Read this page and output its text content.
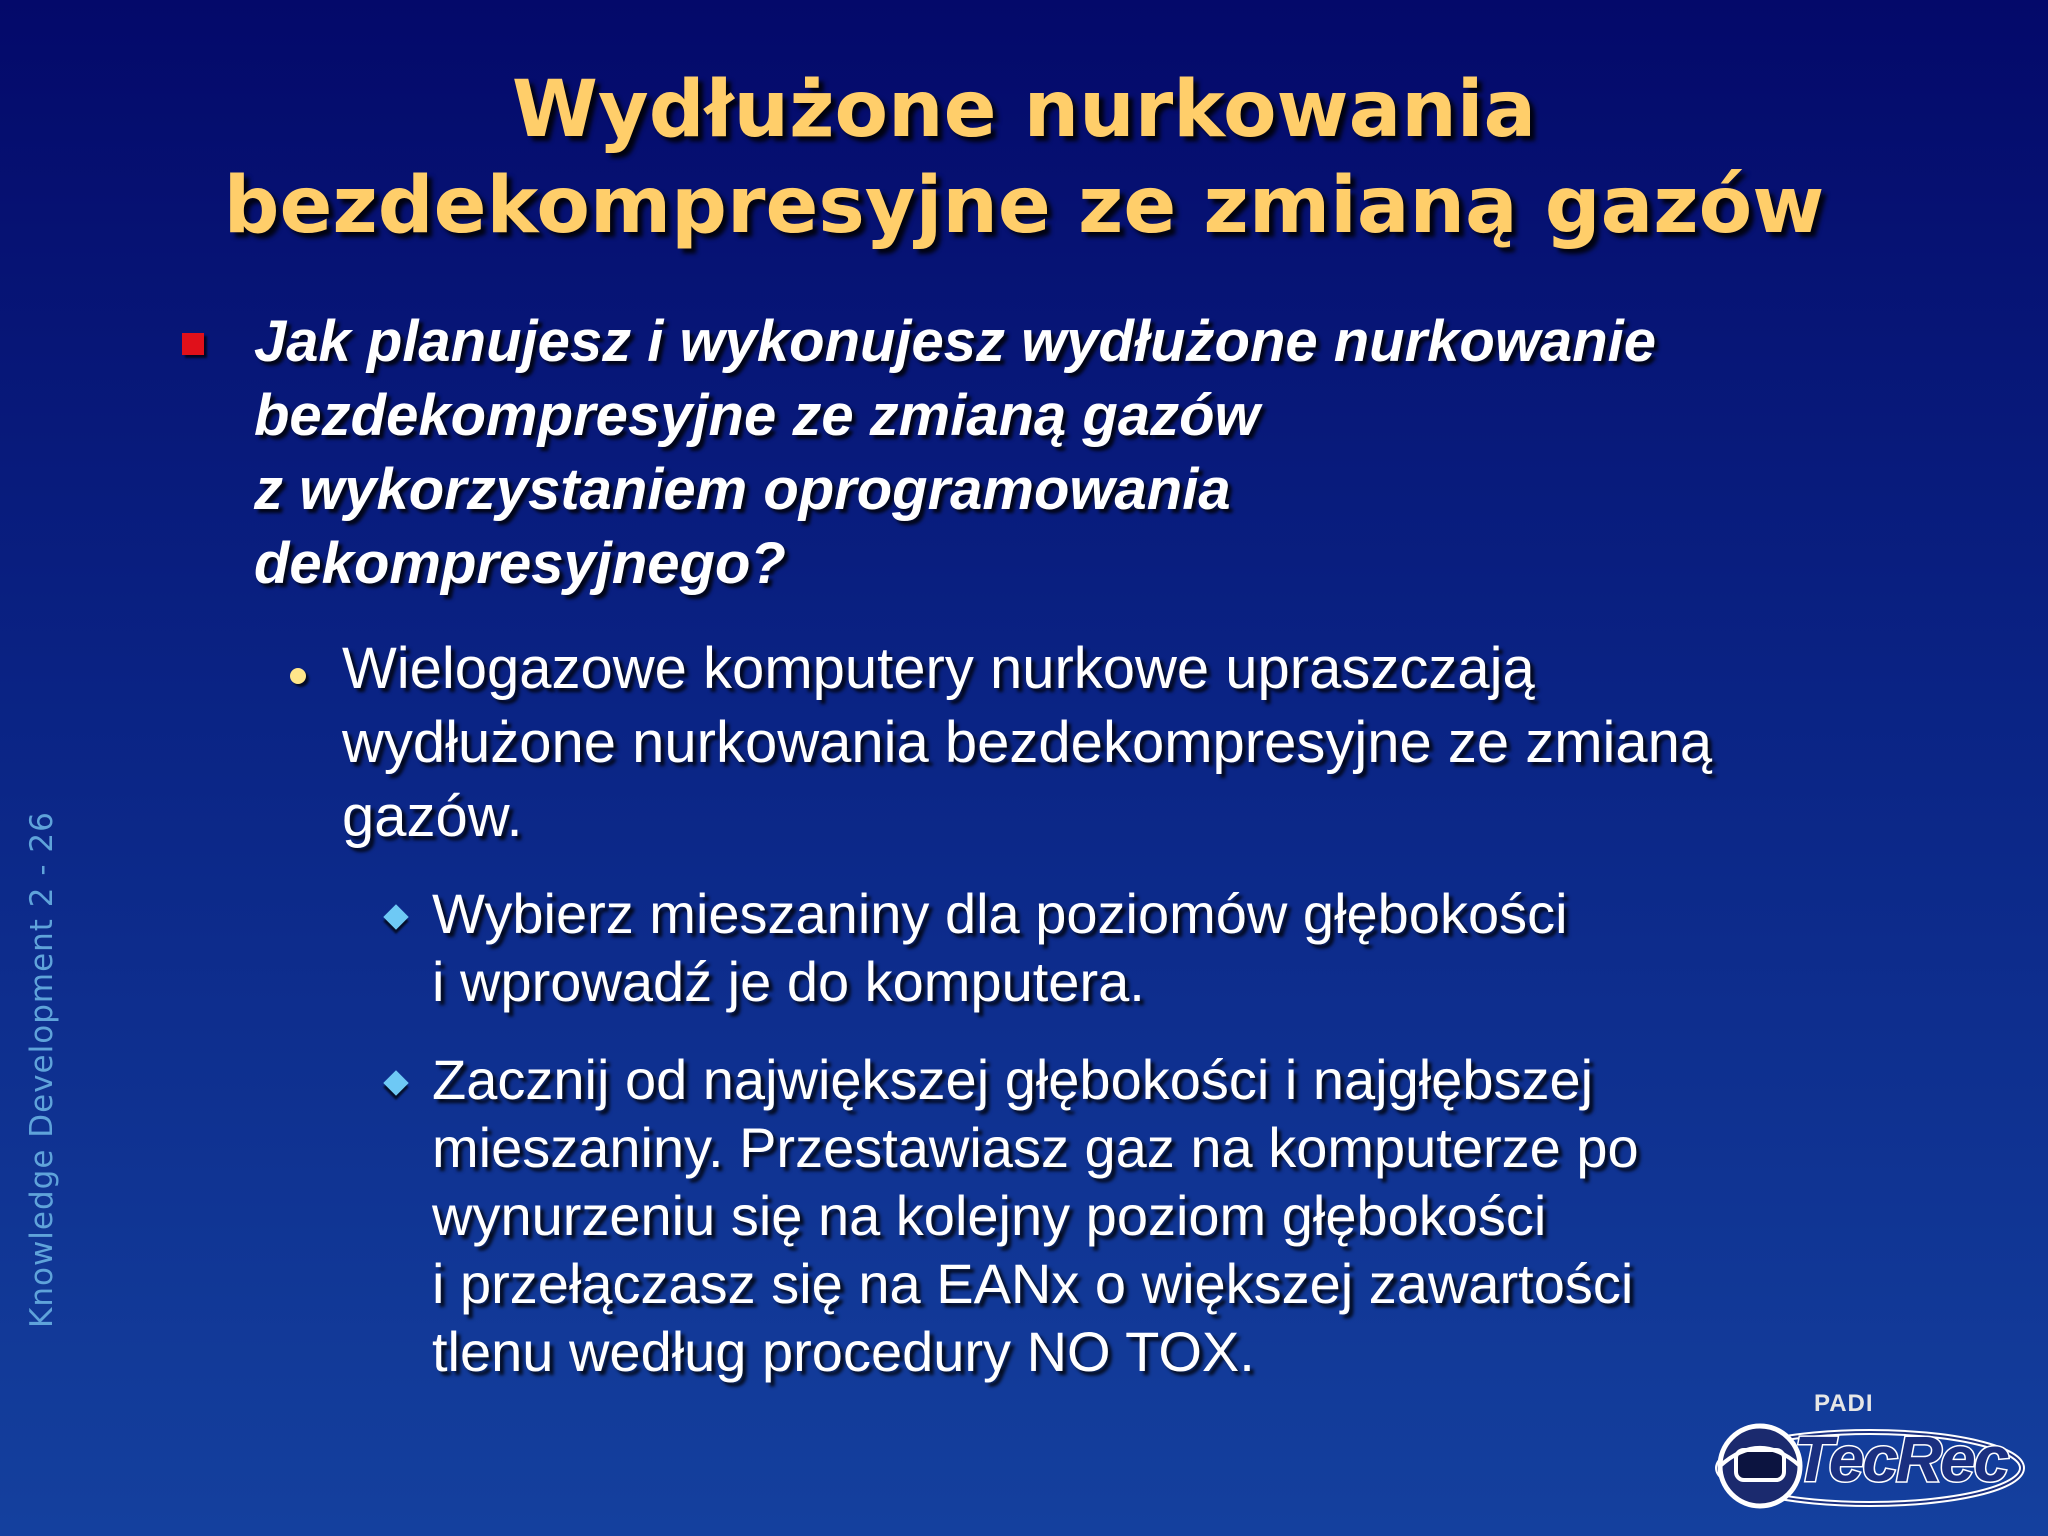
Wydłużone nurkowania
bezdekompresyjne ze zmianą gazów
Jak planujesz i wykonujesz wydłużone nurkowanie
bezdekompresyjne ze zmianą gazów
z wykorzystaniem oprogramowania
dekompresyjnego?
Wielogazowe komputery nurkowe upraszczają
wydłużone nurkowania bezdekompresyjne ze zmianą
gazów.
Wybierz mieszaniny dla poziomów głębokości
i wprowadź je do komputera.
Zacznij od największej głębokości i najgłębszej
mieszaniny. Przestawiasz gaz na komputerze po
wynurzeniu się na kolejny poziom głębokości
i przełączasz się na EANx o większej zawartości
tlenu według procedury NO TOX.
Knowledge Development 2 - 26
PADI
TecRec
